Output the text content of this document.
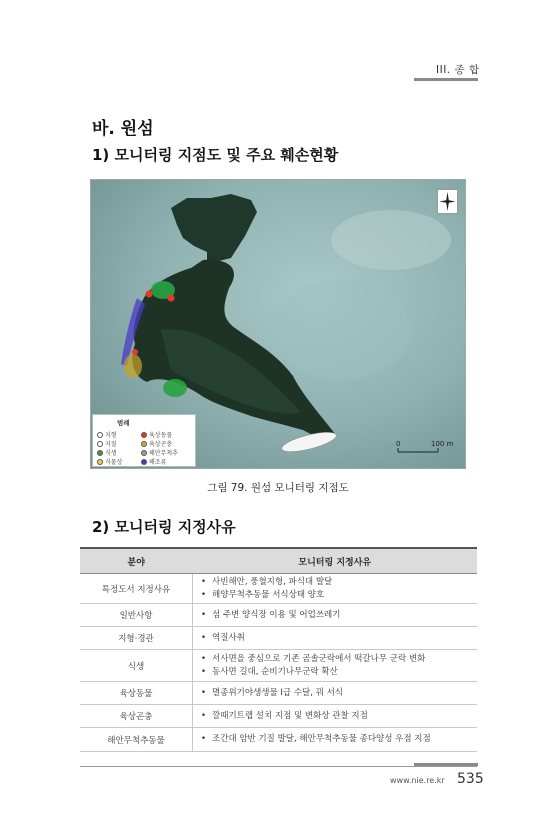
III. 종 합
바. 원섬
1) 모니터링 지점도 및 주요 훼손현황
0	100 m
범례
지형	육상동물
지질	육상곤충
식생	해안무척추
식물상	해조류
그림 79. 원섬 모니터링 지점도
2) 모니터링 지정사유
분야	모니터링 지정사유
특정도서 지정사유	• 사빈해안, 풍혈지형, 파식대 발달
• 해양무척추동물 서식상태 양호

일반사항	• 섬 주변 양식장 이용 및 어업쓰레기

지형·경관	• 역질사취

식생	• 서사면을 중심으로 기존 곰솔군락에서 떡갈나무 군락 변화
• 동사면 길대, 순비기나무군락 확산

육상동물	• 멸종위기야생생물 Ⅰ급 수달, 꿔 서식

육상곤충	• 깔때기트랩 설치 지점 및 변화상 관찰 지점

해안무척추동물	• 조간대 암반 기질 발달, 해안무척추동물 종다양성 우점 지점
www.nie.re.kr 535
